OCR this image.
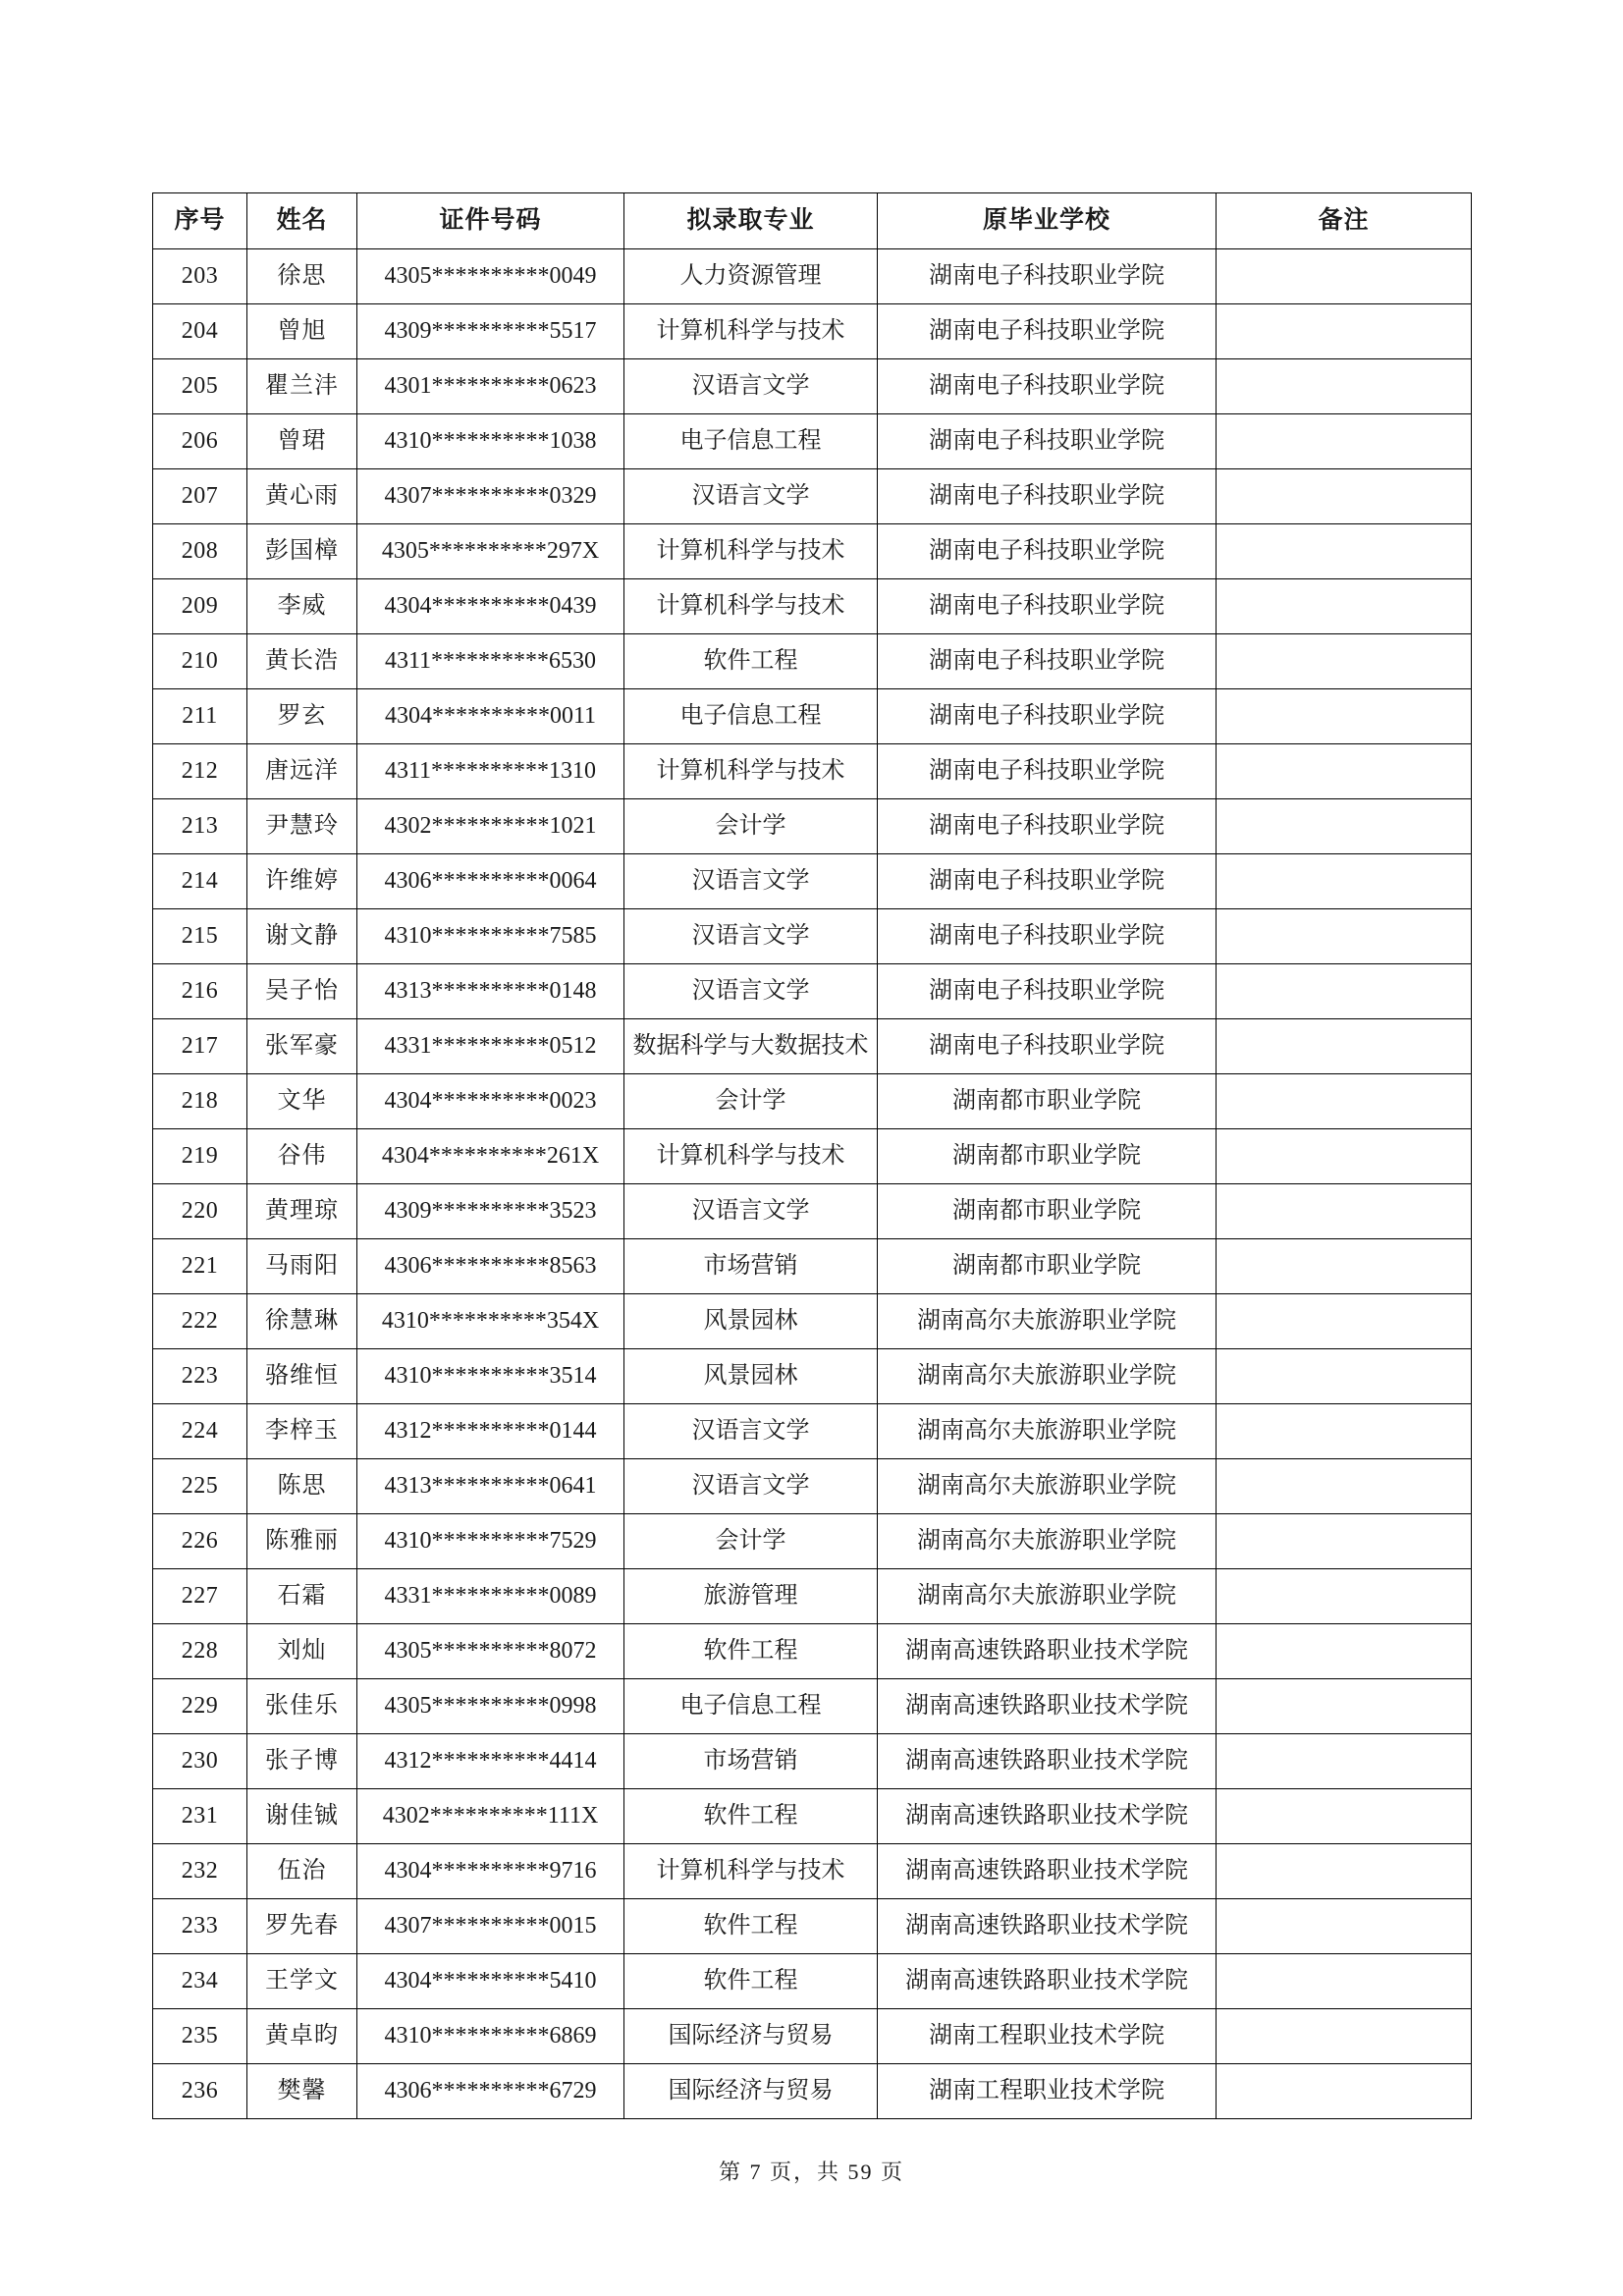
序号	姓名	证件号码	拟录取专业	原毕业学校	备注
203	徐思	4305**********0049	人力资源管理	湖南电子科技职业学院	
204	曾旭	4309**********5517	计算机科学与技术	湖南电子科技职业学院	
205	瞿兰沣	4301**********0623	汉语言文学	湖南电子科技职业学院	
206	曾珺	4310**********1038	电子信息工程	湖南电子科技职业学院	
207	黄心雨	4307**********0329	汉语言文学	湖南电子科技职业学院	
208	彭国樟	4305**********297X	计算机科学与技术	湖南电子科技职业学院	
209	李威	4304**********0439	计算机科学与技术	湖南电子科技职业学院	
210	黄长浩	4311**********6530	软件工程	湖南电子科技职业学院	
211	罗玄	4304**********0011	电子信息工程	湖南电子科技职业学院	
212	唐远洋	4311**********1310	计算机科学与技术	湖南电子科技职业学院	
213	尹慧玲	4302**********1021	会计学	湖南电子科技职业学院	
214	许维婷	4306**********0064	汉语言文学	湖南电子科技职业学院	
215	谢文静	4310**********7585	汉语言文学	湖南电子科技职业学院	
216	吴子怡	4313**********0148	汉语言文学	湖南电子科技职业学院	
217	张军豪	4331**********0512	数据科学与大数据技术	湖南电子科技职业学院	
218	文华	4304**********0023	会计学	湖南都市职业学院	
219	谷伟	4304**********261X	计算机科学与技术	湖南都市职业学院	
220	黄理琼	4309**********3523	汉语言文学	湖南都市职业学院	
221	马雨阳	4306**********8563	市场营销	湖南都市职业学院	
222	徐慧琳	4310**********354X	风景园林	湖南高尔夫旅游职业学院	
223	骆维恒	4310**********3514	风景园林	湖南高尔夫旅游职业学院	
224	李梓玉	4312**********0144	汉语言文学	湖南高尔夫旅游职业学院	
225	陈思	4313**********0641	汉语言文学	湖南高尔夫旅游职业学院	
226	陈雅丽	4310**********7529	会计学	湖南高尔夫旅游职业学院	
227	石霜	4331**********0089	旅游管理	湖南高尔夫旅游职业学院	
228	刘灿	4305**********8072	软件工程	湖南高速铁路职业技术学院	
229	张佳乐	4305**********0998	电子信息工程	湖南高速铁路职业技术学院	
230	张子博	4312**********4414	市场营销	湖南高速铁路职业技术学院	
231	谢佳铖	4302**********111X	软件工程	湖南高速铁路职业技术学院	
232	伍治	4304**********9716	计算机科学与技术	湖南高速铁路职业技术学院	
233	罗先春	4307**********0015	软件工程	湖南高速铁路职业技术学院	
234	王学文	4304**********5410	软件工程	湖南高速铁路职业技术学院	
235	黄卓昀	4310**********6869	国际经济与贸易	湖南工程职业技术学院	
236	樊馨	4306**********6729	国际经济与贸易	湖南工程职业技术学院	
第 7 页，共 59 页
